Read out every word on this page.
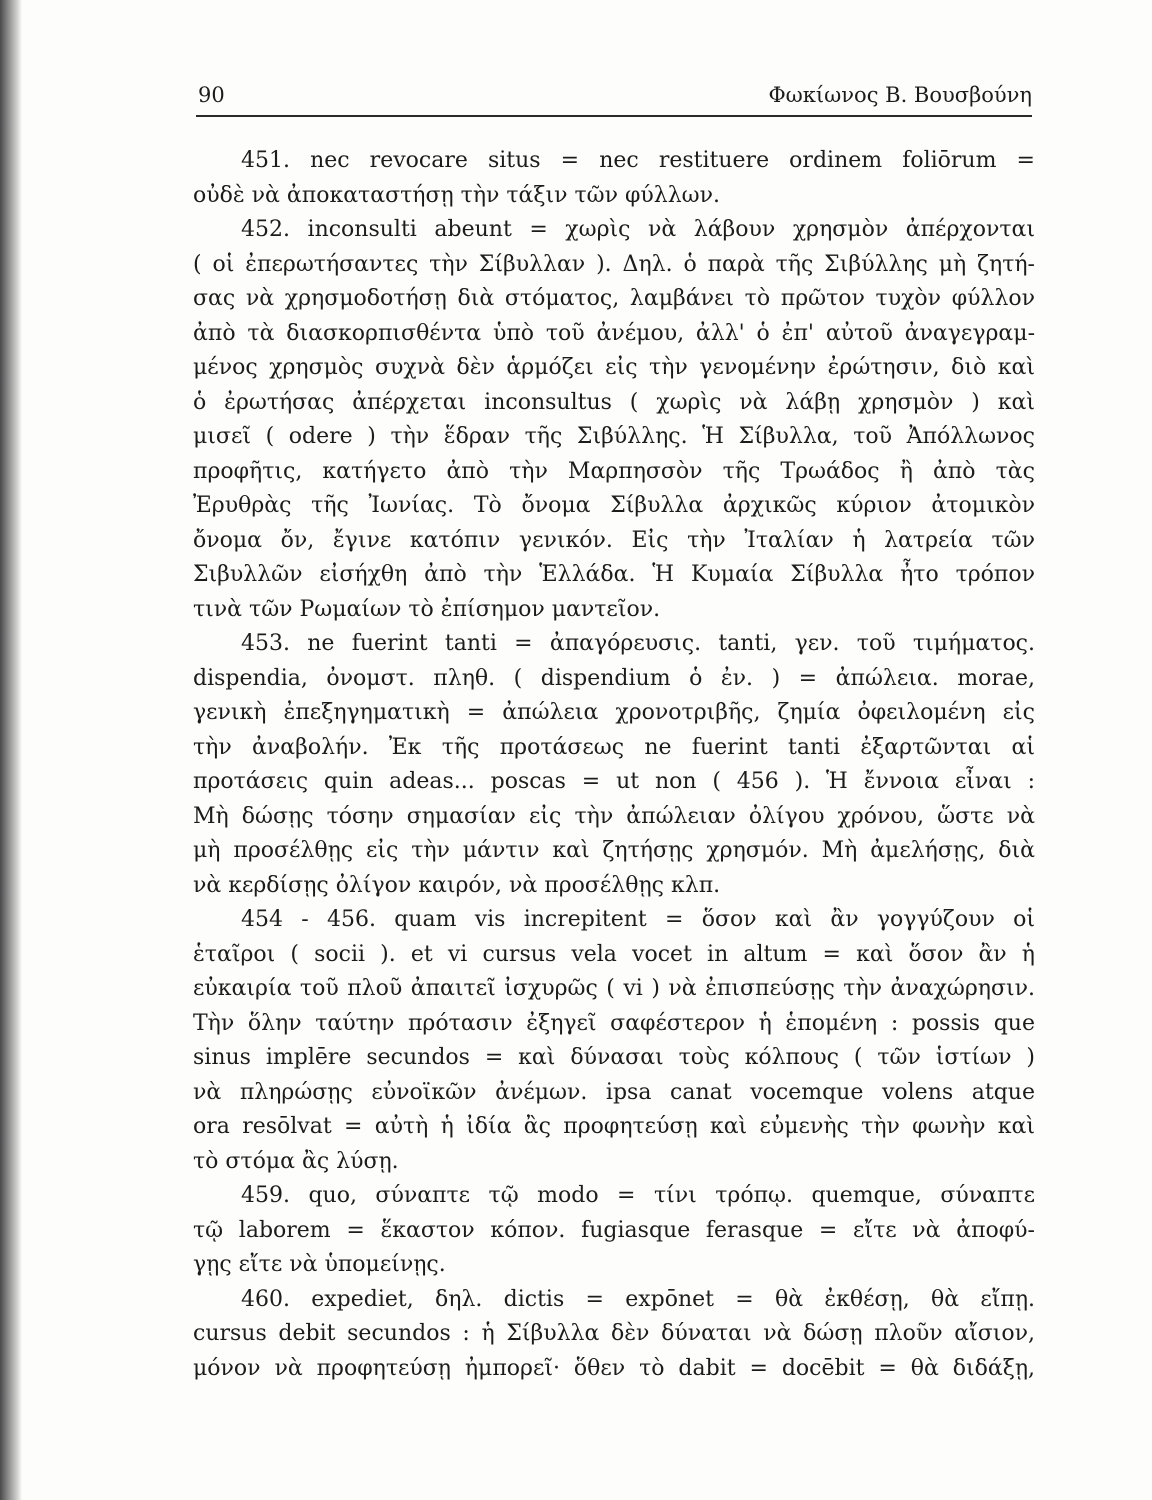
90	Φωκίωνος Β. Βουσβούνη
451. nec revocare situs = nec restituere ordinem foliōrum =
οὐδὲ νὰ ἀποκαταστήσῃ τὴν τάξιν τῶν φύλλων.
452. inconsulti abeunt = χωρὶς νὰ λάβουν χρησμὸν ἀπέρχονται
( οἱ ἐπερωτήσαντες τὴν Σίβυλλαν ). Δηλ. ὁ παρὰ τῆς Σιβύλλης μὴ ζητή-
σας νὰ χρησμοδοτήσῃ διὰ στόματος, λαμβάνει τὸ πρῶτον τυχὸν φύλλον
ἀπὸ τὰ διασκορπισθέντα ὑπὸ τοῦ ἀνέμου, ἀλλ' ὁ ἐπ' αὐτοῦ ἀναγεγραμ-
μένος χρησμὸς συχνὰ δὲν ἁρμόζει εἰς τὴν γενομένην ἐρώτησιν, διὸ καὶ
ὁ ἐρωτήσας ἀπέρχεται inconsultus ( χωρὶς νὰ λάβῃ χρησμὸν ) καὶ
μισεῖ ( odere ) τὴν ἕδραν τῆς Σιβύλλης. Ἡ Σίβυλλα, τοῦ Ἀπόλλωνος
προφῆτις, κατήγετο ἀπὸ τὴν Μαρπησσὸν τῆς Τρωάδος ἢ ἀπὸ τὰς
Ἐρυθρὰς τῆς Ἰωνίας. Τὸ ὄνομα Σίβυλλα ἀρχικῶς κύριον ἀτομικὸν
ὄνομα ὄν, ἔγινε κατόπιν γενικόν. Εἰς τὴν Ἰταλίαν ἡ λατρεία τῶν
Σιβυλλῶν εἰσήχθη ἀπὸ τὴν Ἑλλάδα. Ἡ Κυμαία Σίβυλλα ἦτο τρόπον
τινὰ τῶν Ρωμαίων τὸ ἐπίσημον μαντεῖον.
453. ne fuerint tanti = ἀπαγόρευσις. tanti, γεν. τοῦ τιμήματος.
dispendia, ὀνομστ. πληθ. ( dispendium ὁ ἐν. ) = ἀπώλεια. morae,
γενικὴ ἐπεξηγηματικὴ = ἀπώλεια χρονοτριβῆς, ζημία ὀφειλομένη εἰς
τὴν ἀναβολήν. Ἐκ τῆς προτάσεως ne fuerint tanti ἐξαρτῶνται αἱ
προτάσεις quin adeas... poscas = ut non ( 456 ). Ἡ ἔννοια εἶναι :
Μὴ δώσῃς τόσην σημασίαν εἰς τὴν ἀπώλειαν ὀλίγου χρόνου, ὥστε νὰ
μὴ προσέλθῃς εἰς τὴν μάντιν καὶ ζητήσῃς χρησμόν. Μὴ ἀμελήσῃς, διὰ
νὰ κερδίσῃς ὀλίγον καιρόν, νὰ προσέλθῃς κλπ.
454 - 456. quam vis increpitent = ὅσον καὶ ἂν γογγύζουν οἱ
ἑταῖροι ( socii ). et vi cursus vela vocet in altum = καὶ ὅσον ἂν ἡ
εὐκαιρία τοῦ πλοῦ ἀπαιτεῖ ἰσχυρῶς ( vi ) νὰ ἐπισπεύσῃς τὴν ἀναχώρησιν.
Τὴν ὅλην ταύτην πρότασιν ἐξηγεῖ σαφέστερον ἡ ἑπομένη : possis que
sinus implēre secundos = καὶ δύνασαι τοὺς κόλπους ( τῶν ἱστίων )
νὰ πληρώσῃς εὐνοϊκῶν ἀνέμων. ipsa canat vocemque volens atque
ora resōlvat = αὐτὴ ἡ ἰδία ἂς προφητεύσῃ καὶ εὐμενὴς τὴν φωνὴν καὶ
τὸ στόμα ἂς λύσῃ.
459. quo, σύναπτε τῷ modo = τίνι τρόπῳ. quemque, σύναπτε
τῷ laborem = ἕκαστον κόπον. fugiasque ferasque = εἴτε νὰ ἀποφύ-
γῃς εἴτε νὰ ὑπομείνῃς.
460. expediet, δηλ. dictis = expōnet = θὰ ἐκθέσῃ, θὰ εἴπῃ.
cursus debit secundos : ἡ Σίβυλλα δὲν δύναται νὰ δώσῃ πλοῦν αἴσιον,
μόνον νὰ προφητεύσῃ ἠμπορεῖ· ὅθεν τὸ dabit = docēbit = θὰ διδάξῃ,
